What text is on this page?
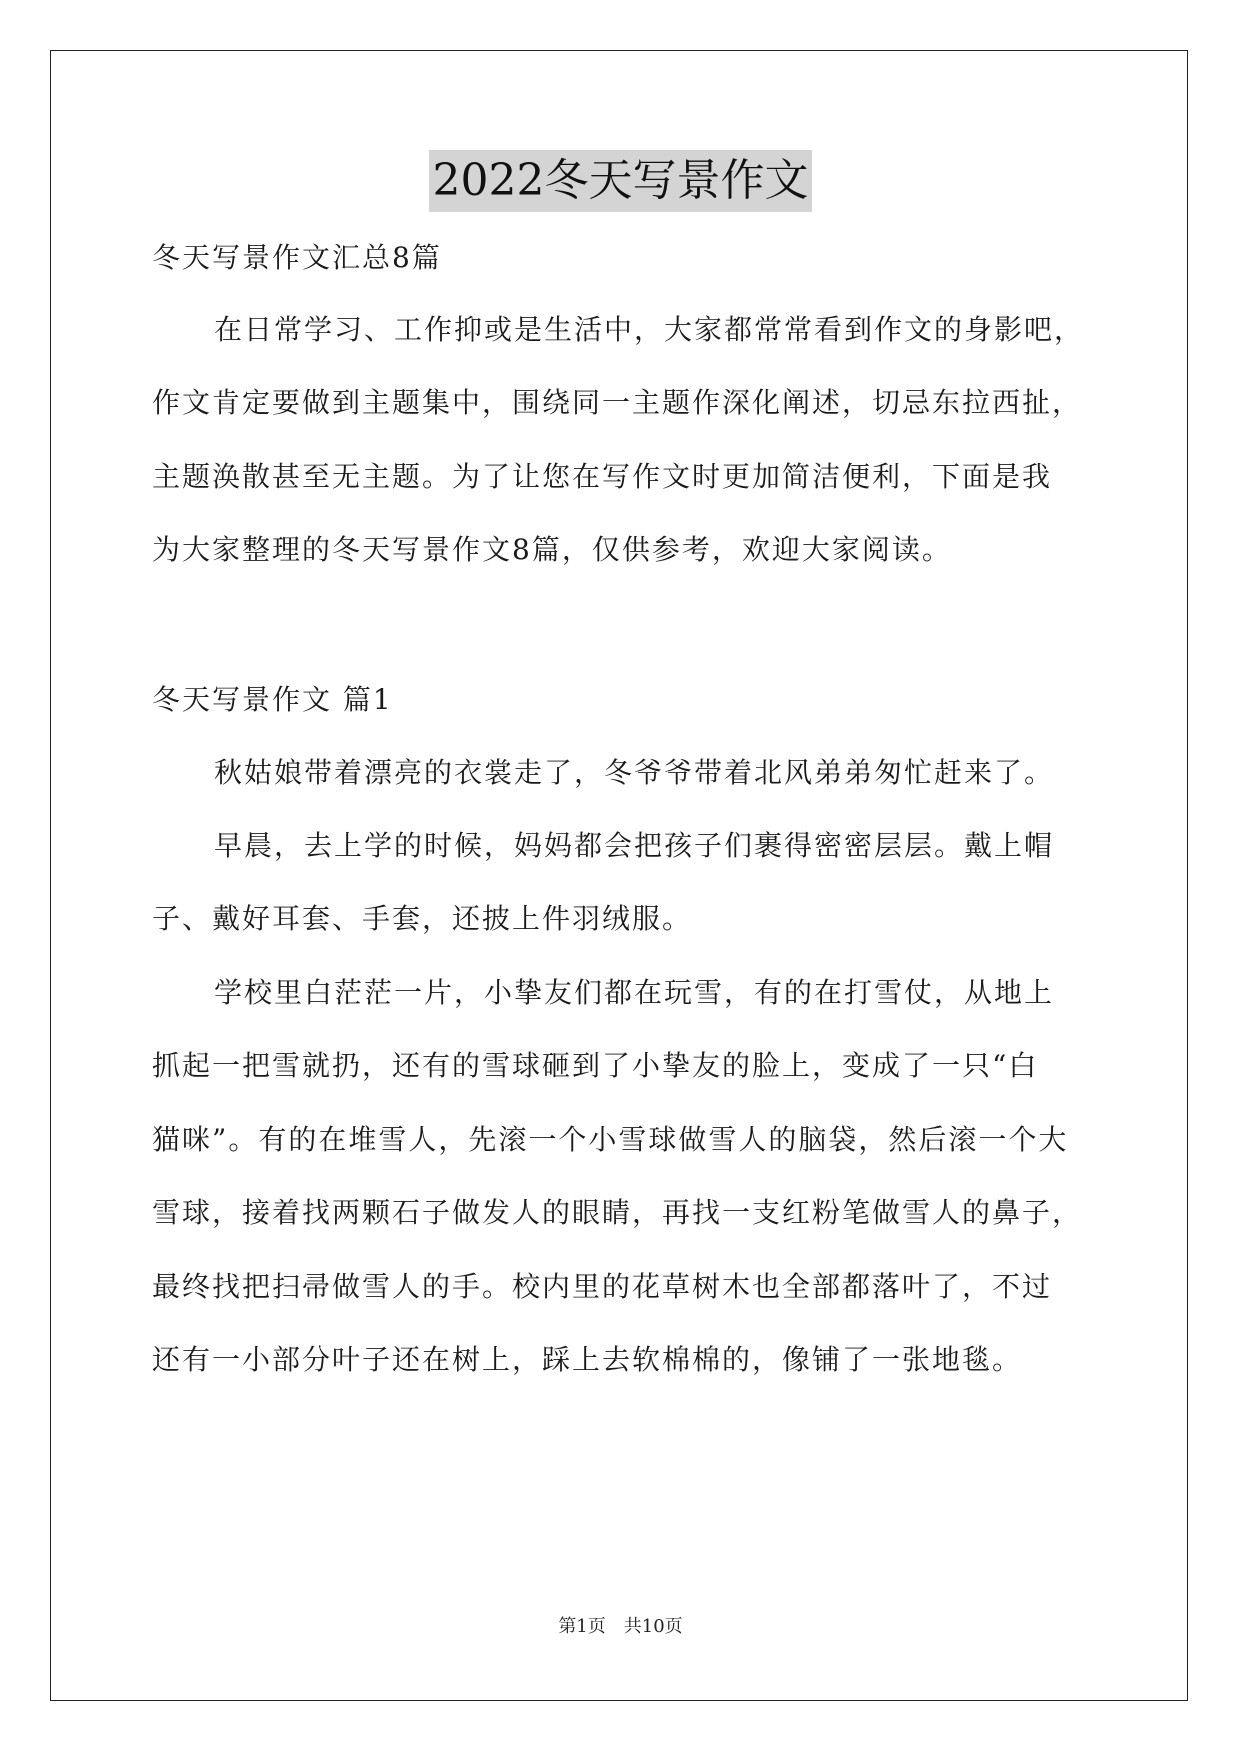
2022冬天写景作文
冬天写景作文汇总8篇
在日常学习、工作抑或是生活中，大家都常常看到作文的身影吧，
作文肯定要做到主题集中，围绕同一主题作深化阐述，切忌东拉西扯，
主题涣散甚至无主题。为了让您在写作文时更加简洁便利，下面是我
为大家整理的冬天写景作文8篇，仅供参考，欢迎大家阅读。
冬天写景作文 篇1
秋姑娘带着漂亮的衣裳走了，冬爷爷带着北风弟弟匆忙赶来了。
早晨，去上学的时候，妈妈都会把孩子们裹得密密层层。戴上帽
子、戴好耳套、手套，还披上件羽绒服。
学校里白茫茫一片，小挚友们都在玩雪，有的在打雪仗，从地上
抓起一把雪就扔，还有的雪球砸到了小挚友的脸上，变成了一只“白
猫咪”。有的在堆雪人，先滚一个小雪球做雪人的脑袋，然后滚一个大
雪球，接着找两颗石子做发人的眼睛，再找一支红粉笔做雪人的鼻子，
最终找把扫帚做雪人的手。校内里的花草树木也全部都落叶了，不过
还有一小部分叶子还在树上，踩上去软棉棉的，像铺了一张地毯。
第1页　共10页
